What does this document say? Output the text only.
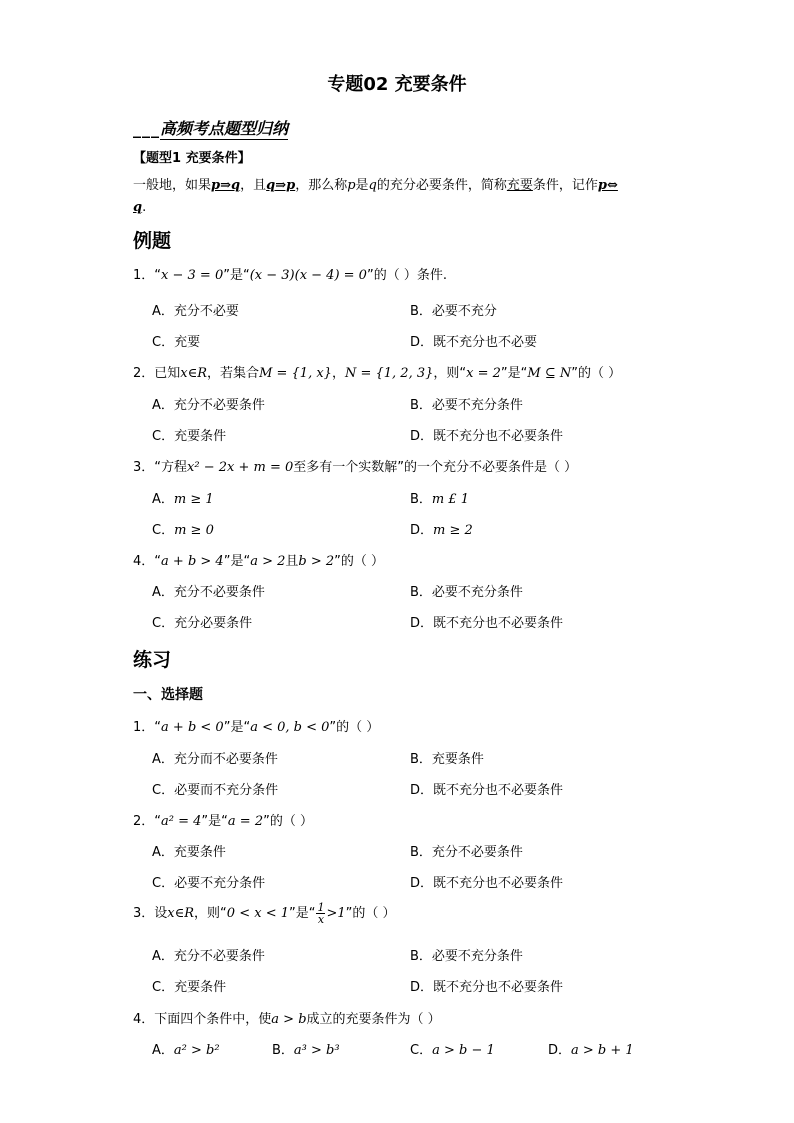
专题02 充要条件
___高频考点题型归纳
【题型1 充要条件】
一般地，如果p⇒q，且q⇒p，那么称p是q的充分必要条件，简称充要条件，记作p⇔
q.
例题
1．“x − 3 = 0”是“(x − 3)(x − 4) = 0”的（ ）条件.
A．充分不必要	B．必要不充分
C．充要	D．既不充分也不必要
2．已知x∈R，若集合M = {1, x}，N = {1, 2, 3}，则“x = 2”是“M ⊆ N”的（ ）
A．充分不必要条件	B．必要不充分条件
C．充要条件	D．既不充分也不必要条件
3．“方程x² − 2x + m = 0至多有一个实数解”的一个充分不必要条件是（ ）
A．m ≥ 1	B．m £ 1
C．m ≥ 0	D．m ≥ 2
4．“a + b > 4”是“a > 2且b > 2”的（ ）
A．充分不必要条件	B．必要不充分条件
C．充分必要条件	D．既不充分也不必要条件
练习
一、选择题
1．“a + b < 0”是“a < 0, b < 0”的（ ）
A．充分而不必要条件	B．充要条件
C．必要而不充分条件	D．既不充分也不必要条件
2．“a² = 4”是“a = 2”的（ ）
A．充要条件	B．充分不必要条件
C．必要不充分条件	D．既不充分也不必要条件
3．设x∈R，则“0 < x < 1”是“ $\frac{1}{x} >1$”的（ ）
A．充分不必要条件	B．必要不充分条件
C．充要条件	D．既不充分也不必要条件
4．下面四个条件中，使a > b成立的充要条件为（ ）
A．a² > b²	B．a³ > b³	C．a > b − 1	D．a > b + 1
